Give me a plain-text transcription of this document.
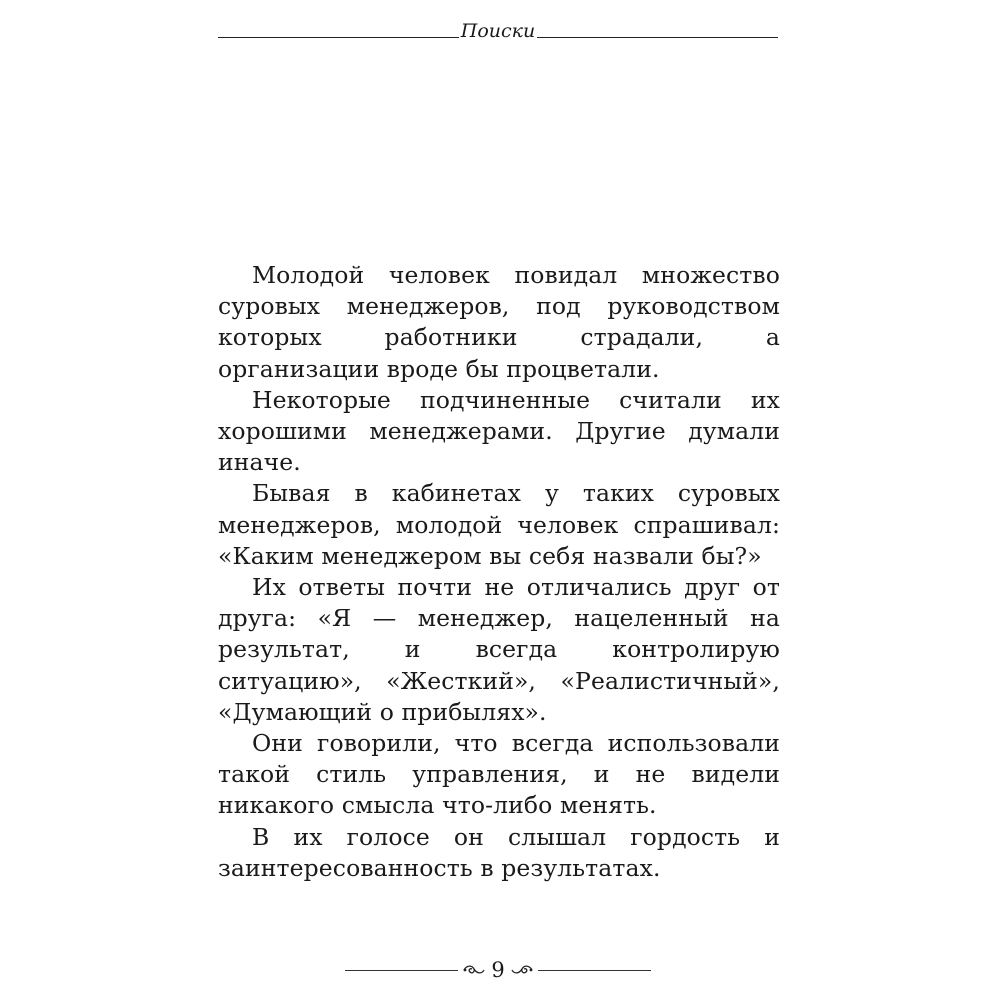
Поиски

Молодой человек повидал множество суровых менеджеров, под руководством которых работники страдали, а организации вроде бы процветали.

Некоторые подчиненные считали их хорошими менеджерами. Другие думали иначе.

Бывая в кабинетах у таких суровых менеджеров, молодой человек спрашивал: «Каким менеджером вы себя назвали бы?»

Их ответы почти не отличались друг от друга: «Я — менеджер, нацеленный на результат, и всегда контролирую ситуацию», «Жесткий», «Реалистичный», «Думающий о прибылях».

Они говорили, что всегда использовали такой стиль управления, и не видели никакого смысла что-либо менять.

В их голосе он слышал гордость и заинтересованность в результатах.

9
